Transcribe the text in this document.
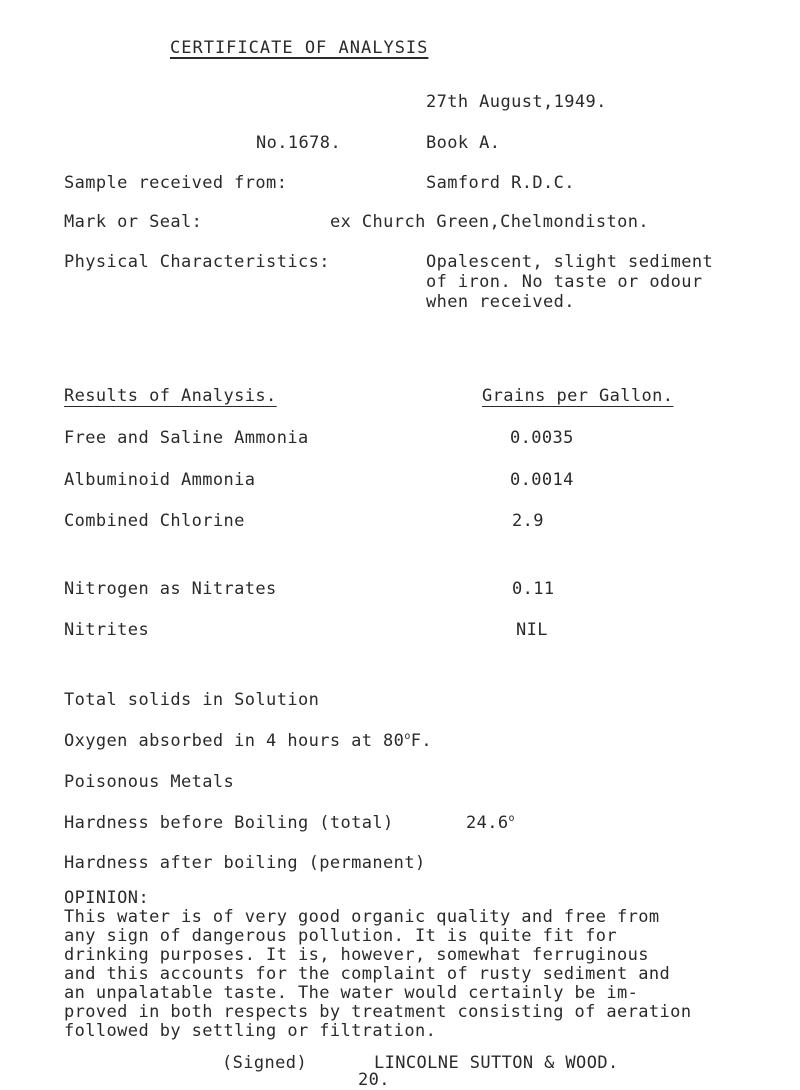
CERTIFICATE OF ANALYSIS
27th August,1949.
No.1678.	Book A.
Sample received from:	Samford R.D.C.
Mark or Seal:	ex Church Green,Chelmondiston.
Physical Characteristics:	Opalescent, slight sediment
of iron. No taste or odour
when received.
Results of Analysis.	Grains per Gallon.
Free and Saline Ammonia	0.0035
Albuminoid Ammonia	0.0014
Combined Chlorine	2.9
Nitrogen as Nitrates	0.11
Nitrites	NIL
Total solids in Solution
Oxygen absorbed in 4 hours at 80$^o$F.
Poisonous Metals
Hardness before Boiling (total)	24.6$^o$
Hardness after boiling (permanent)
OPINION:
This water is of very good organic quality and free from
any sign of dangerous pollution. It is quite fit for
drinking purposes. It is, however, somewhat ferruginous
and this accounts for the complaint of rusty sediment and
an unpalatable taste. The water would certainly be im-
proved in both respects by treatment consisting of aeration
followed by settling or filtration.
(Signed)	LINCOLNE SUTTON & WOOD.
20.
